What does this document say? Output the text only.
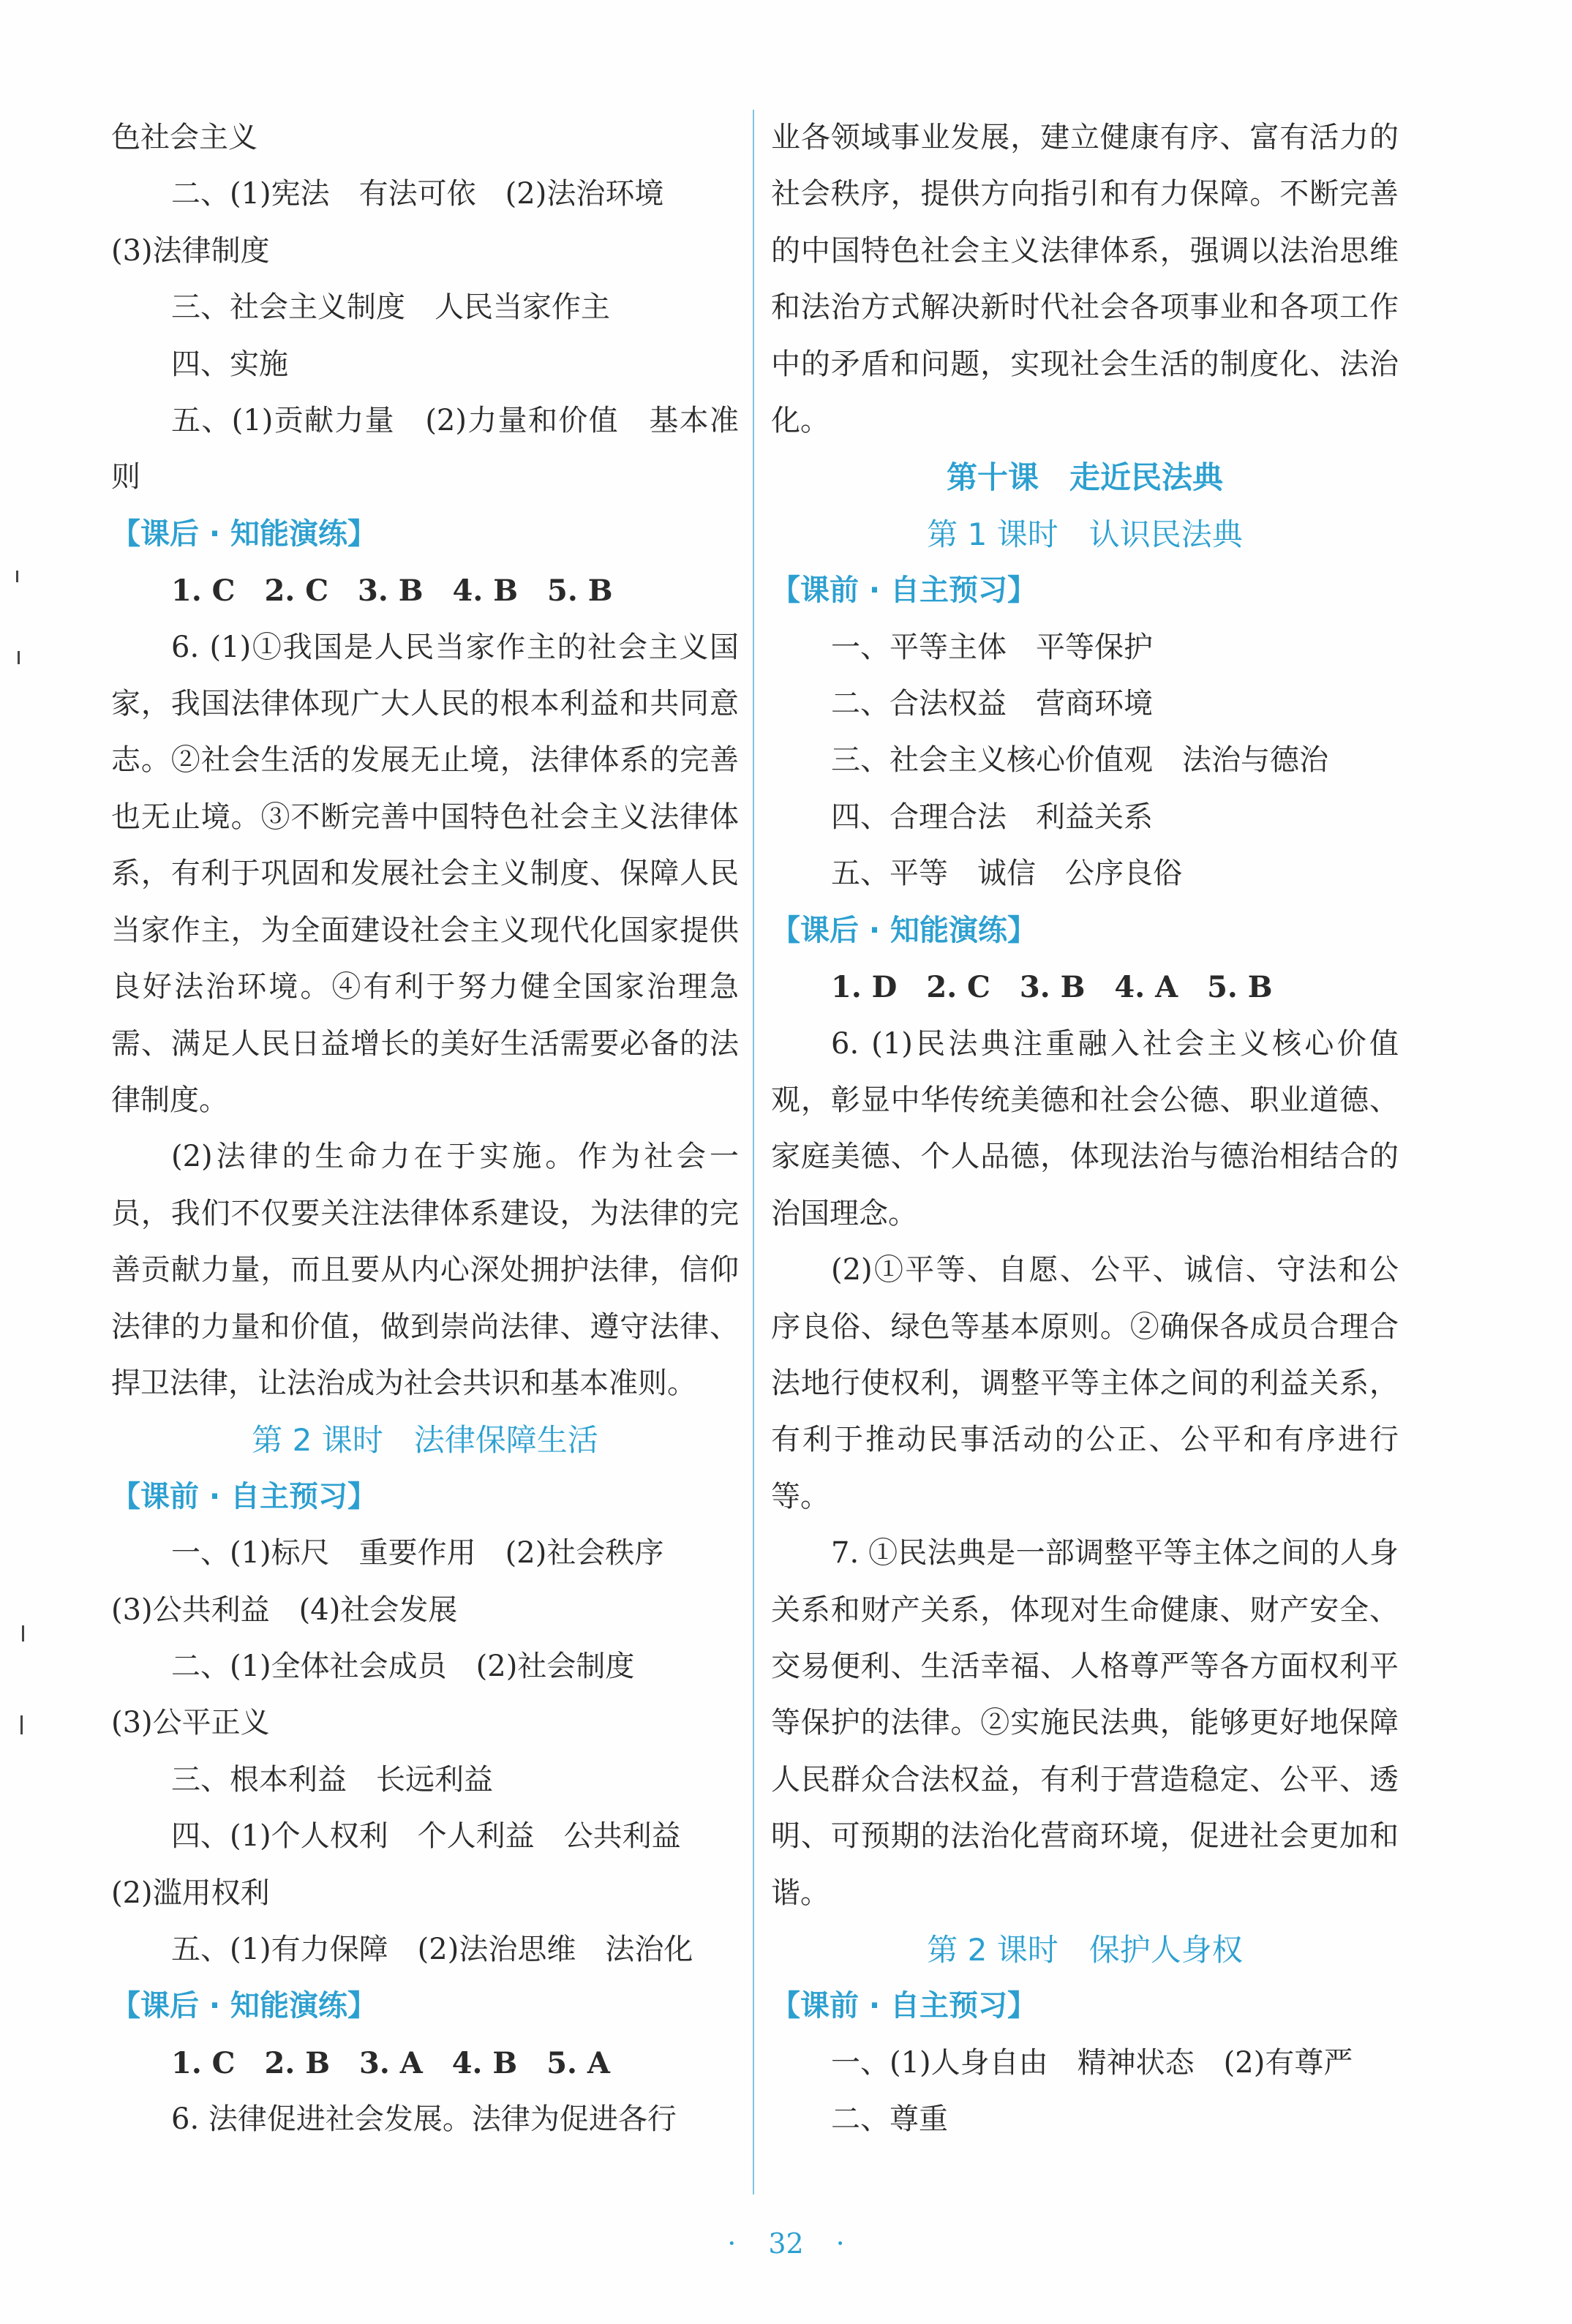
色社会主义

二、(1)宪法　有法可依　(2)法治环境

(3)法律制度

三、社会主义制度　人民当家作主

四、实施

五、(1)贡献力量　(2)力量和价值　基本准则

【课后 · 知能演练】

1. C　2. C　3. B　4. B　5. B

6. (1)①我国是人民当家作主的社会主义国家，我国法律体现广大人民的根本利益和共同意志。②社会生活的发展无止境，法律体系的完善也无止境。③不断完善中国特色社会主义法律体系，有利于巩固和发展社会主义制度、保障人民当家作主，为全面建设社会主义现代化国家提供良好法治环境。④有利于努力健全国家治理急需、满足人民日益增长的美好生活需要必备的法律制度。

(2)法律的生命力在于实施。作为社会一员，我们不仅要关注法律体系建设，为法律的完善贡献力量，而且要从内心深处拥护法律，信仰法律的力量和价值，做到崇尚法律、遵守法律、捍卫法律，让法治成为社会共识和基本准则。

第 2 课时　法律保障生活

【课前 · 自主预习】

一、(1)标尺　重要作用　(2)社会秩序

(3)公共利益　(4)社会发展

二、(1)全体社会成员　(2)社会制度

(3)公平正义

三、根本利益　长远利益

四、(1)个人权利　个人利益　公共利益

(2)滥用权利

五、(1)有力保障　(2)法治思维　法治化

【课后 · 知能演练】

1. C　2. B　3. A　4. B　5. A

6. 法律促进社会发展。法律为促进各行

业各领域事业发展，建立健康有序、富有活力的社会秩序，提供方向指引和有力保障。不断完善的中国特色社会主义法律体系，强调以法治思维和法治方式解决新时代社会各项事业和各项工作中的矛盾和问题，实现社会生活的制度化、法治化。

第十课　走近民法典

第 1 课时　认识民法典

【课前 · 自主预习】

一、平等主体　平等保护

二、合法权益　营商环境

三、社会主义核心价值观　法治与德治

四、合理合法　利益关系

五、平等　诚信　公序良俗

【课后 · 知能演练】

1. D　2. C　3. B　4. A　5. B

6. (1)民法典注重融入社会主义核心价值观，彰显中华传统美德和社会公德、职业道德、家庭美德、个人品德，体现法治与德治相结合的治国理念。

(2)①平等、自愿、公平、诚信、守法和公序良俗、绿色等基本原则。②确保各成员合理合法地行使权利，调整平等主体之间的利益关系，有利于推动民事活动的公正、公平和有序进行等。

7. ①民法典是一部调整平等主体之间的人身关系和财产关系，体现对生命健康、财产安全、交易便利、生活幸福、人格尊严等各方面权利平等保护的法律。②实施民法典，能够更好地保障人民群众合法权益，有利于营造稳定、公平、透明、可预期的法治化营商环境，促进社会更加和谐。

第 2 课时　保护人身权

【课前 · 自主预习】

一、(1)人身自由　精神状态　(2)有尊严

二、尊重

· 32 ·
